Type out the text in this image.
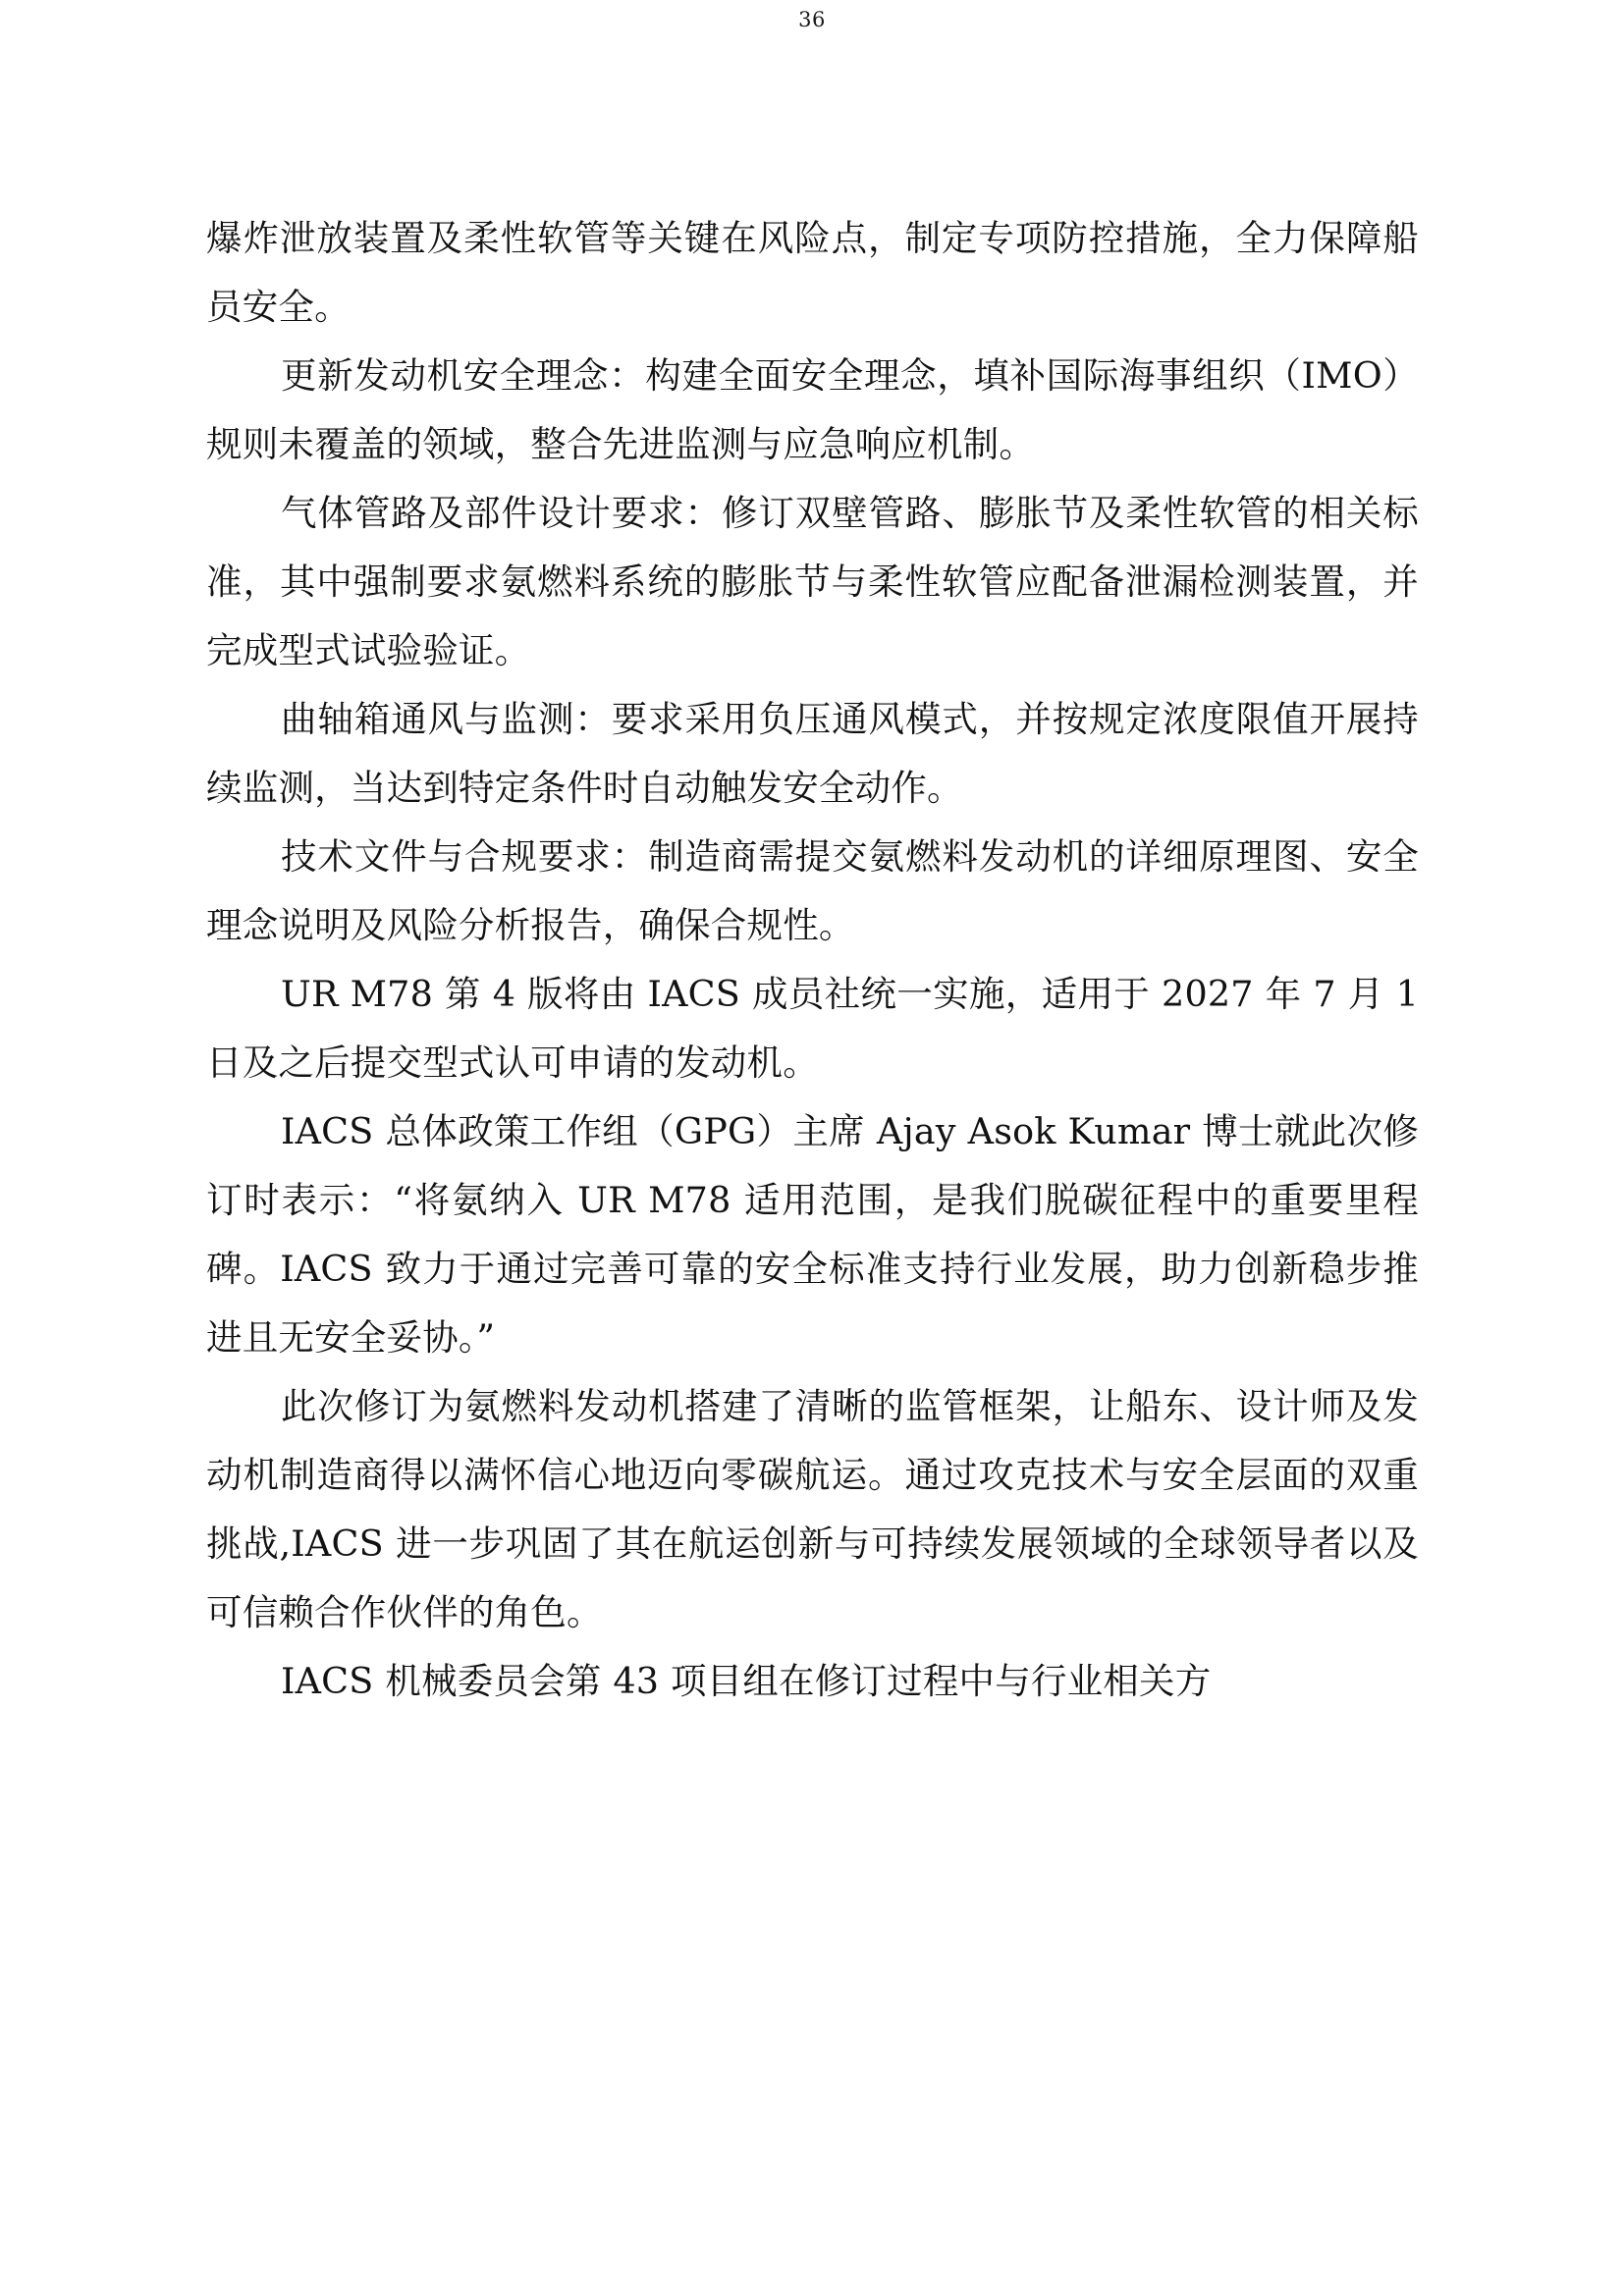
36

爆炸泄放装置及柔性软管等关键在风险点，制定专项防控措施，全力保障船员安全。

更新发动机安全理念：构建全面安全理念，填补国际海事组织（IMO）规则未覆盖的领域，整合先进监测与应急响应机制。

气体管路及部件设计要求：修订双壁管路、膨胀节及柔性软管的相关标准，其中强制要求氨燃料系统的膨胀节与柔性软管应配备泄漏检测装置，并完成型式试验验证。

曲轴箱通风与监测：要求采用负压通风模式，并按规定浓度限值开展持续监测，当达到特定条件时自动触发安全动作。

技术文件与合规要求：制造商需提交氨燃料发动机的详细原理图、安全理念说明及风险分析报告，确保合规性。

UR M78 第 4 版将由 IACS 成员社统一实施，适用于 2027 年 7 月 1 日及之后提交型式认可申请的发动机。

IACS 总体政策工作组（GPG）主席 Ajay Asok Kumar 博士就此次修订时表示：“将氨纳入 UR M78 适用范围，是我们脱碳征程中的重要里程碑。IACS 致力于通过完善可靠的安全标准支持行业发展，助力创新稳步推进且无安全妥协。”

此次修订为氨燃料发动机搭建了清晰的监管框架，让船东、设计师及发动机制造商得以满怀信心地迈向零碳航运。通过攻克技术与安全层面的双重挑战,IACS 进一步巩固了其在航运创新与可持续发展领域的全球领导者以及可信赖合作伙伴的角色。

IACS 机械委员会第 43 项目组在修订过程中与行业相关方
